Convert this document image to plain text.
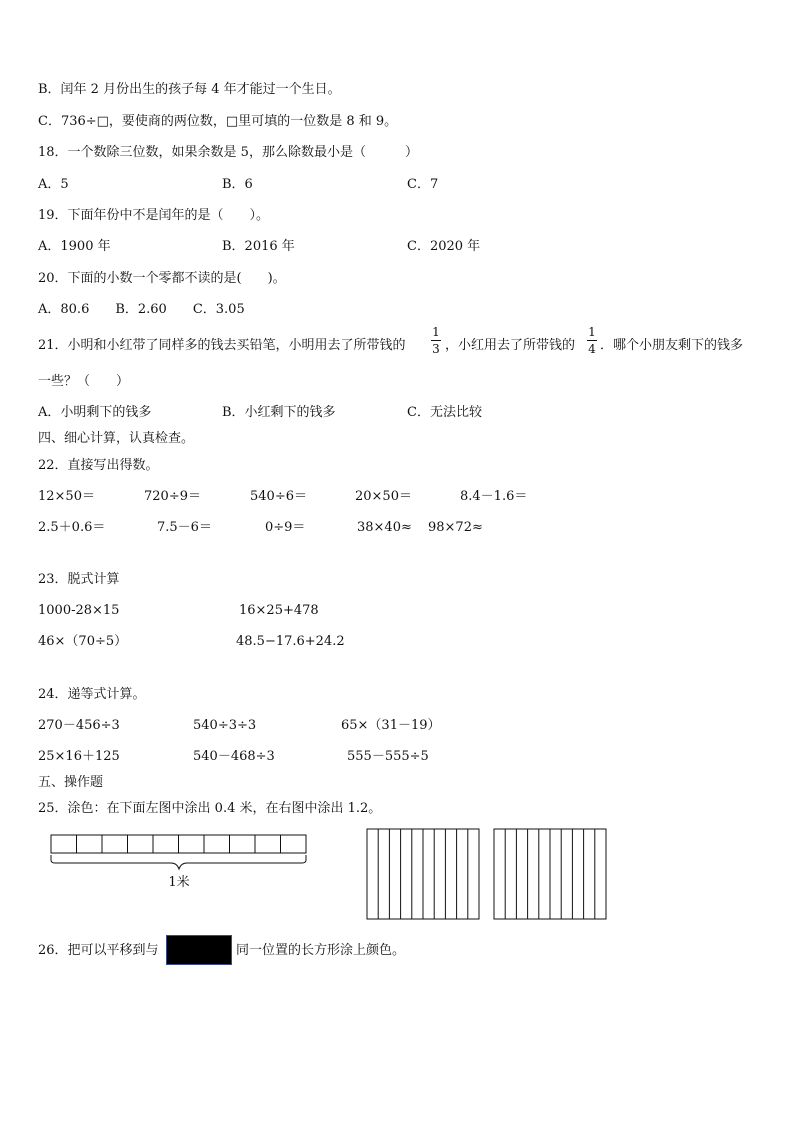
B．闰年 2 月份出生的孩子每 4 年才能过一个生日。
C．736÷□，要使商的两位数，□里可填的一位数是 8 和 9。
18．一个数除三位数，如果余数是 5，那么除数最小是（　　　）
A．5	B．6	C．7
19．下面年份中不是闰年的是（　　）。
A．1900 年	B．2016 年	C．2020 年
20．下面的小数一个零都不读的是(　　)。
A．80.6　　B．2.60　　C．3.05
21．小明和小红带了同样多的钱去买铅笔，小明用去了所带钱的
1
3 ，小红用去了所带钱的
1
4 ．哪个小朋友剩下的钱多
一些？（　　）
A．小明剩下的钱多	B．小红剩下的钱多	C．无法比较
四、细心计算，认真检查。
22．直接写出得数。
12×50＝	720÷9＝	540÷6＝	20×50＝	8.4－1.6＝
2.5＋0.6＝	7.5－6＝	0÷9＝	38×40≈ 98×72≈
23．脱式计算
1000-28×15	16×25+478
46×（70÷5）	48.5−17.6+24.2
24．递等式计算。
270－456÷3	540÷3÷3	65×（31－19）
25×16＋125	540－468÷3	555－555÷5
五、操作题
25．涂色：在下面左图中涂出 0.4 米，在右图中涂出 1.2。
1米
26．把可以平移到与	同一位置的长方形涂上颜色。
